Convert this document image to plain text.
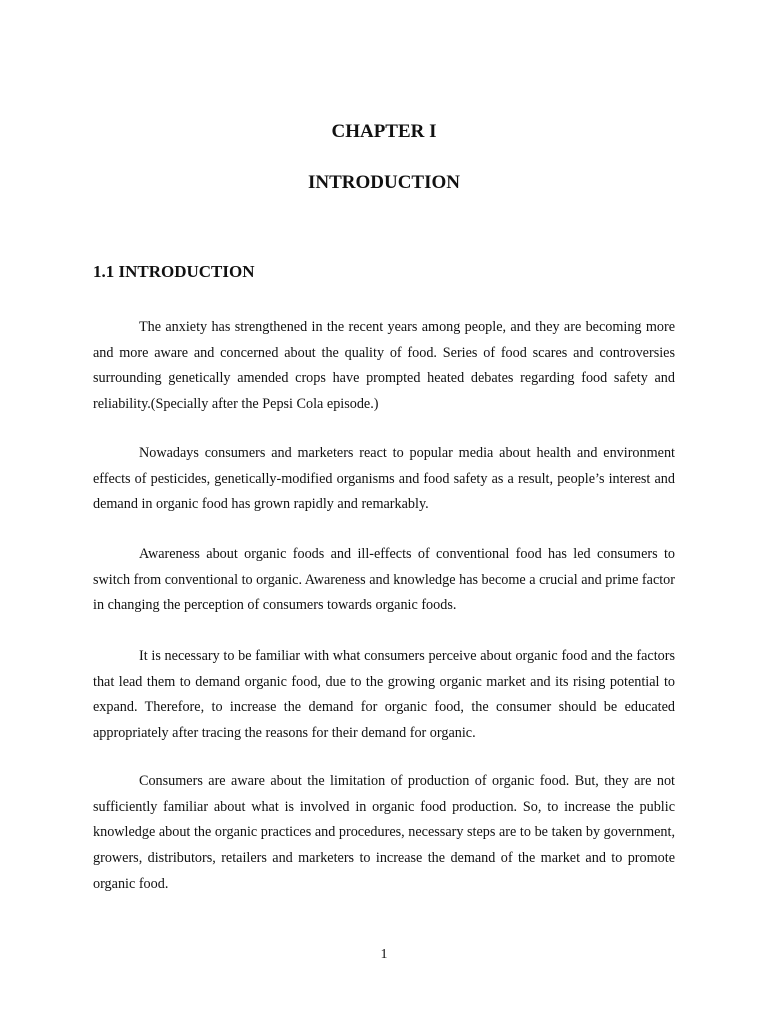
CHAPTER I
INTRODUCTION
1.1 INTRODUCTION

The anxiety has strengthened in the recent years among people, and they are becoming more and more aware and concerned about the quality of food. Series of food scares and controversies surrounding genetically amended crops have prompted heated debates regarding food safety and reliability.(Specially after the Pepsi Cola episode.)

Nowadays consumers and marketers react to popular media about health and environment effects of pesticides, genetically-modified organisms and food safety as a result, people’s interest and demand in organic food has grown rapidly and remarkably.

Awareness about organic foods and ill-effects of conventional food has led consumers to switch from conventional to organic. Awareness and knowledge has become a crucial and prime factor in changing the perception of consumers towards organic foods.

It is necessary to be familiar with what consumers perceive about organic food and the factors that lead them to demand organic food, due to the growing organic market and its rising potential to expand. Therefore, to increase the demand for organic food, the consumer should be educated appropriately after tracing the reasons for their demand for organic.

Consumers are aware about the limitation of production of organic food. But, they are not sufficiently familiar about what is involved in organic food production. So, to increase the public knowledge about the organic practices and procedures, necessary steps are to be taken by government, growers, distributors, retailers and marketers to increase the demand of the market and to promote organic food.

1
